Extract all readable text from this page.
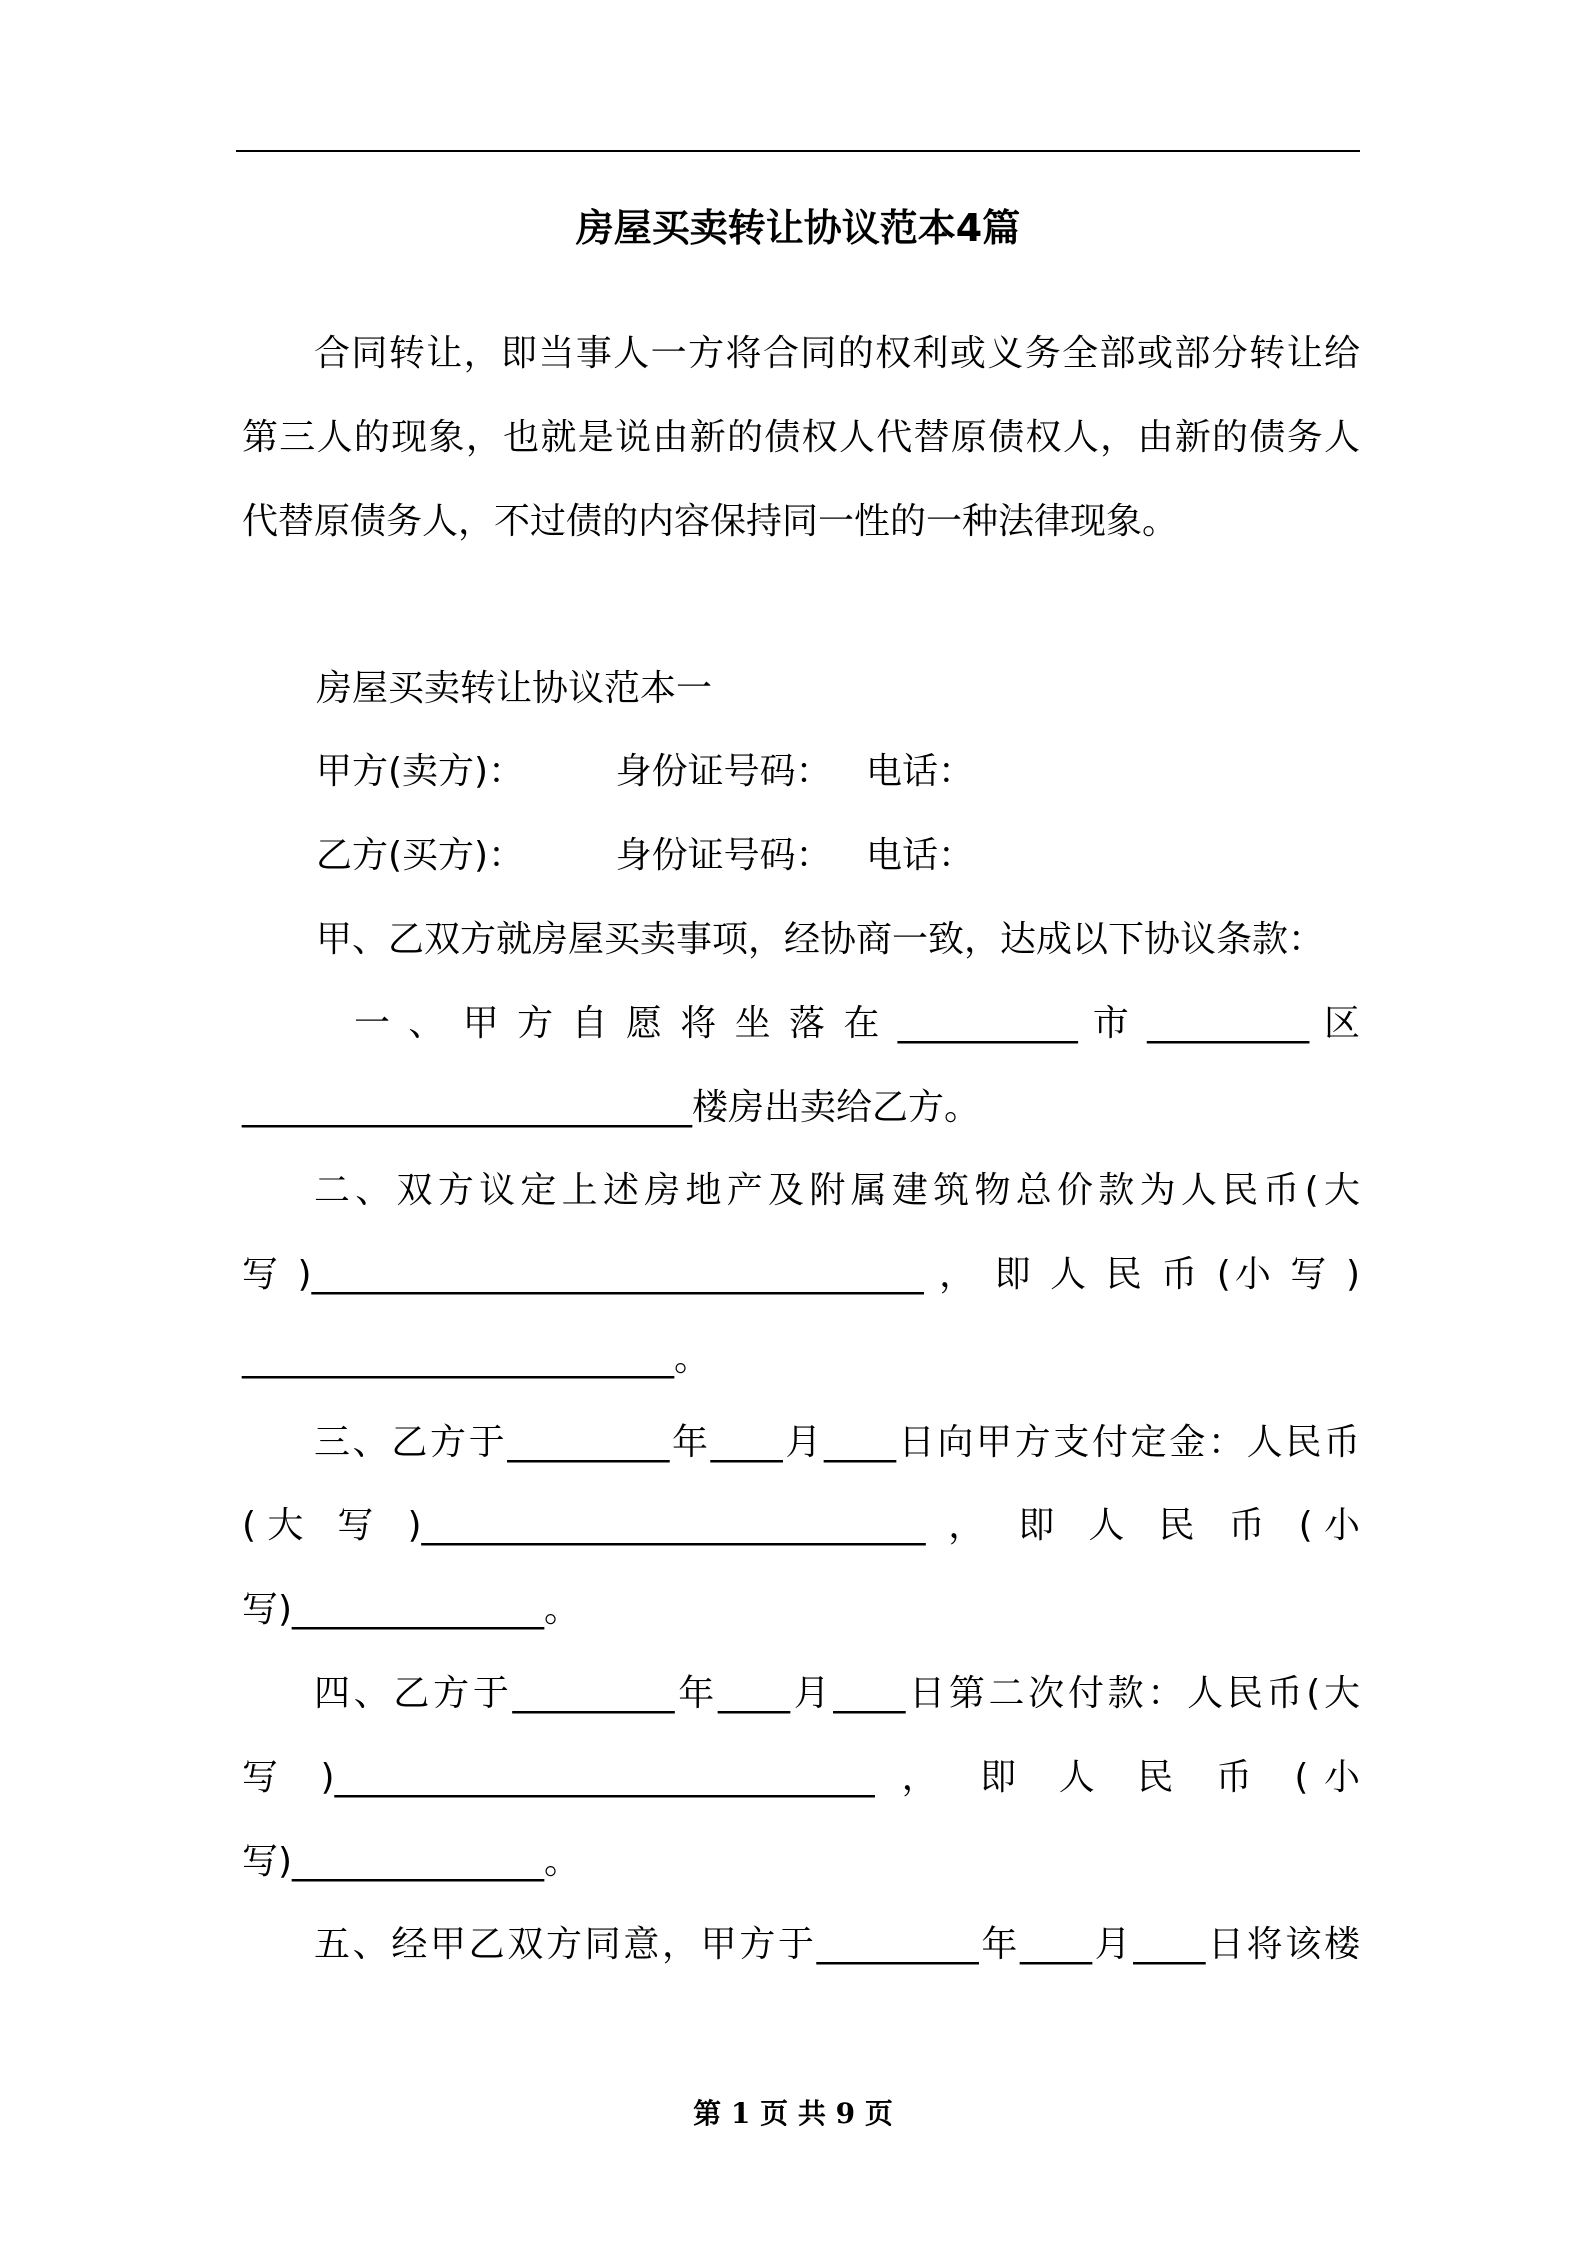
房屋买卖转让协议范本4篇
合同转让，即当事人一方将合同的权利或义务全部或部分转让给
第三人的现象，也就是说由新的债权人代替原债权人，由新的债务人
代替原债务人，不过债的内容保持同一性的一种法律现象。
房屋买卖转让协议范本一
甲方(卖方)：        身份证号码：   电话：
乙方(买方)：        身份证号码：   电话：
甲、乙双方就房屋买卖事项，经协商一致，达成以下协议条款：
一 、 甲 方 自 愿 将 坐 落 在 __________ 市 _________ 区
_________________________楼房出卖给乙方。
二、双方议定上述房地产及附属建筑物总价款为人民币(大
写 )__________________________________ ， 即 人 民 币 (小 写 )
________________________。
三、乙方于_________年____月____日向甲方支付定金：人民币
(大 写 )____________________________ ， 即 人 民 币 (小
写)______________。
四、乙方于_________年____月____日第二次付款：人民币(大
写 )______________________________ ， 即 人 民 币 (小
写)______________。
五、经甲乙双方同意，甲方于_________年____月____日将该楼
第 1 页 共 9 页
